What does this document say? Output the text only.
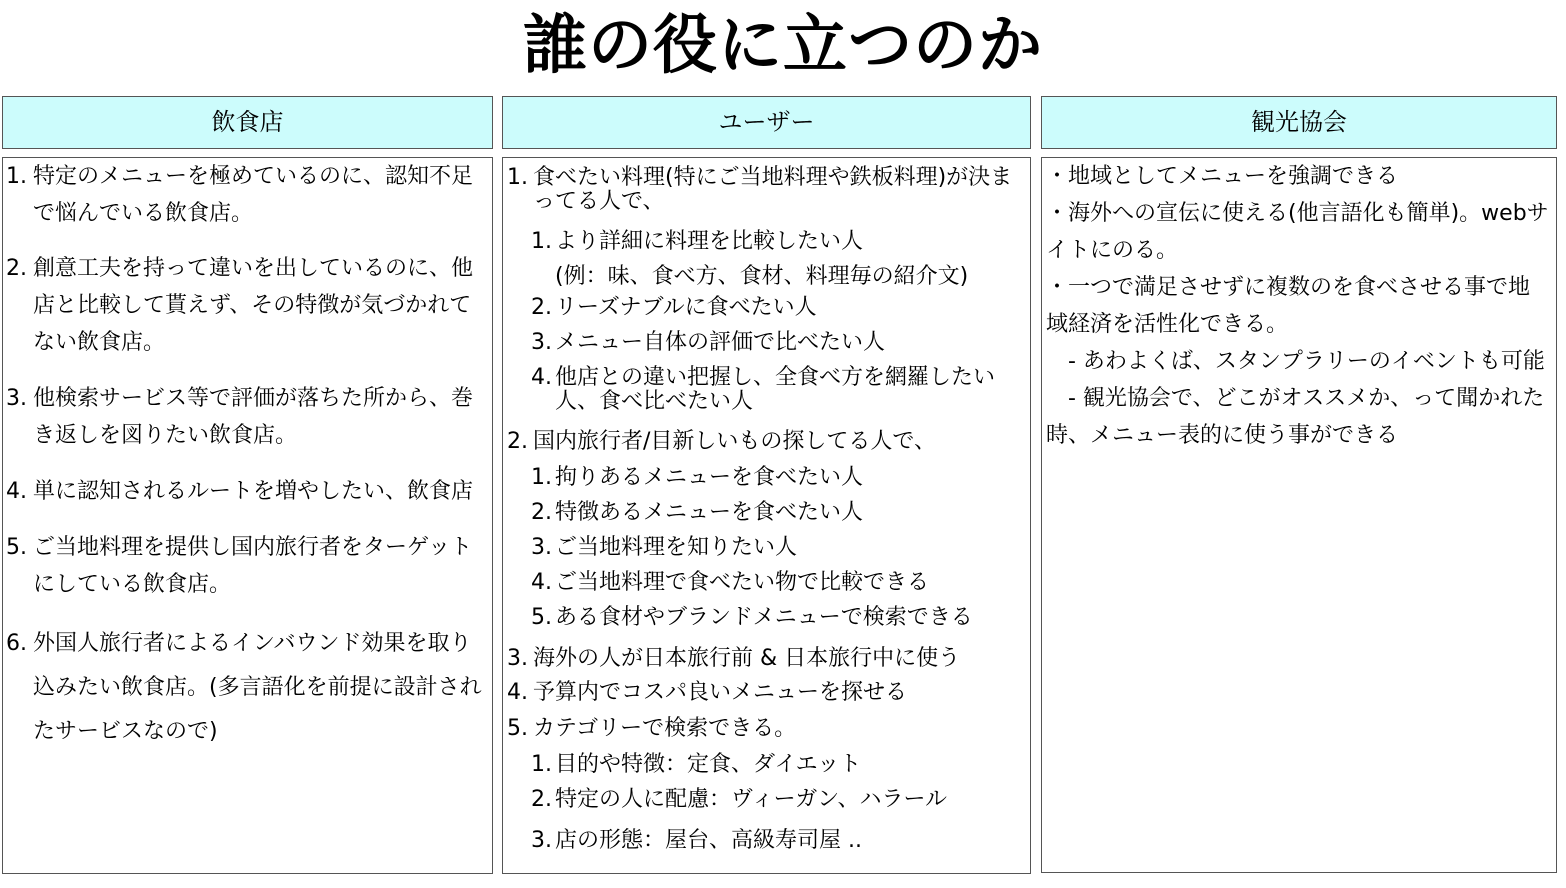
誰の役に立つのか
飲食店	ユーザー	観光協会
1. 特定のメニューを極めているのに、認知不足で悩んでいる飲食店。
2. 創意工夫を持って違いを出しているのに、他店と比較して貰えず、その特徴が気づかれてない飲食店。
3. 他検索サービス等で評価が落ちた所から、巻き返しを図りたい飲食店。
4. 単に認知されるルートを増やしたい、飲食店
5. ご当地料理を提供し国内旅行者をターゲットにしている飲食店。
6. 外国人旅行者によるインバウンド効果を取り込みたい飲食店。(多言語化を前提に設計されたサービスなので)
1. 食べたい料理(特にご当地料理や鉄板料理)が決まってる人で、
1. より詳細に料理を比較したい人
(例：味、食べ方、食材、料理毎の紹介文)
2. リーズナブルに食べたい人
3. メニュー自体の評価で比べたい人
4. 他店との違い把握し、全食べ方を網羅したい人、食べ比べたい人
2. 国内旅行者/目新しいもの探してる人で、
1. 拘りあるメニューを食べたい人
2. 特徴あるメニューを食べたい人
3. ご当地料理を知りたい人
4. ご当地料理で食べたい物で比較できる
5. ある食材やブランドメニューで検索できる
3. 海外の人が日本旅行前 & 日本旅行中に使う
4. 予算内でコスパ良いメニューを探せる
5. カテゴリーで検索できる。
1. 目的や特徴：定食、ダイエット
2. 特定の人に配慮：ヴィーガン、ハラール
3. 店の形態：屋台、高級寿司屋 ..
・地域としてメニューを強調できる
・海外への宣伝に使える(他言語化も簡単)。webサイトにのる。
・一つで満足させずに複数のを食べさせる事で地域経済を活性化できる。
　- あわよくば、スタンプラリーのイベントも可能
　- 観光協会で、どこがオススメか、って聞かれた時、メニュー表的に使う事ができる
